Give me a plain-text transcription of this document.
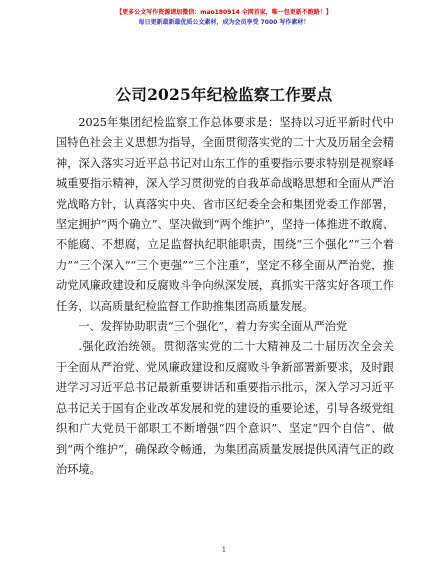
【更多公文写作资源请加微信：mao180914 全网首家，唯一包更新不跑路！】
每日更新最新最优质公文素材，成为会员享受 7000 写作素材！
公司2025年纪检监察工作要点

2025年集团纪检监察工作总体要求是：坚持以习近平新时代中国特色社会主义思想为指导，全面贯彻落实党的二十大及历届全会精神，深入落实习近平总书记对山东工作的重要指示要求特别是视察峄城重要指示精神，深入学习贯彻党的自我革命战略思想和全面从严治党战略方针，认真落实中央、省市区纪委全会和集团党委工作部署，坚定拥护“两个确立”、坚决做到“两个维护”，坚持一体推进不敢腐、不能腐、不想腐，立足监督执纪职能职责，围绕“三个强化”“三个着力”“三个深入”“三个更强”“三个注重”，坚定不移全面从严治党，推动党风廉政建设和反腐败斗争向纵深发展，真抓实干落实好各项工作任务，以高质量纪检监督工作助推集团高质量发展。

一、发挥协助职责“三个强化”，着力夯实全面从严治党

.强化政治统领。贯彻落实党的二十大精神及二十届历次全会关于全面从严治党、党风廉政建设和反腐败斗争新部署新要求，及时跟进学习习近平总书记最新重要讲话和重要指示批示，深入学习习近平总书记关于国有企业改革发展和党的建设的重要论述，引导各级党组织和广大党员干部职工不断增强“四个意识”、坚定“四个自信”、做到“两个维护”，确保政令畅通，为集团高质量发展提供风清气正的政治环境。

1
